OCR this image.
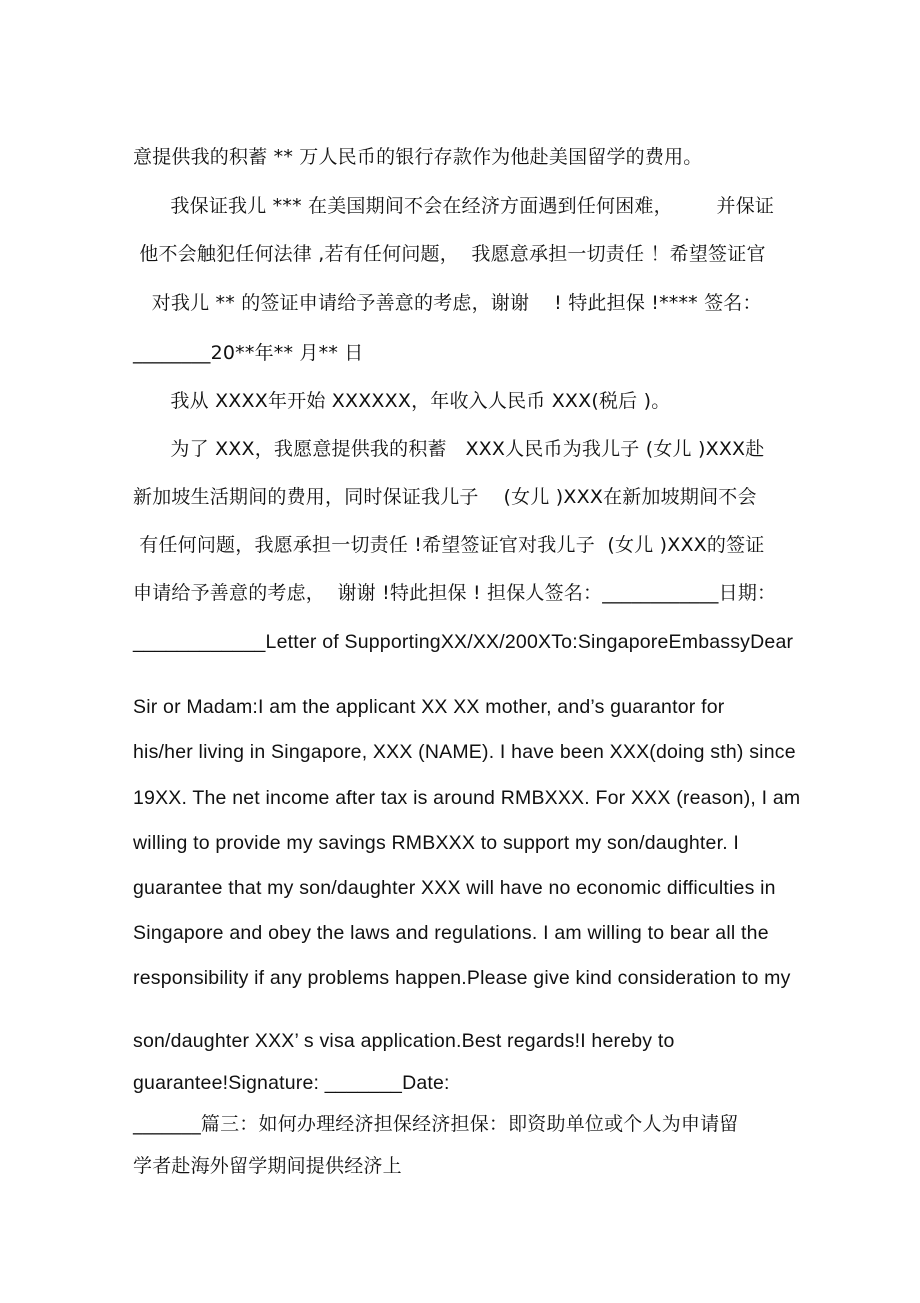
意提供我的积蓄 ** 万人民币的银行存款作为他赴美国留学的费用。
我保证我儿 *** 在美国期间不会在经济方面遇到任何困难，       并保证
他不会触犯任何法律 ,若有任何问题，  我愿意承担一切责任 ！希望签证官
对我儿 ** 的签证申请给予善意的考虑，谢谢    ! 特此担保 !**** 签名：
________20**年** 月** 日
我从 XXXX年开始 XXXXXX，年收入人民币 XXX(税后 )。
为了 XXX，我愿意提供我的积蓄   XXX人民币为我儿子 (女儿 )XXX赴
新加坡生活期间的费用，同时保证我儿子    (女儿 )XXX在新加坡期间不会
有任何问题，我愿承担一切责任 !希望签证官对我儿子  (女儿 )XXX的签证
申请给予善意的考虑，  谢谢 !特此担保 ! 担保人签名：____________日期：
____________Letter of SupportingXX/XX/200XTo:SingaporeEmbassyDear
Sir or Madam:I am the applicant XX XX mother, and’s guarantor for
his/her living in Singapore, XXX (NAME). I have been XXX(doing sth) since
19XX. The net income after tax is around RMBXXX. For XXX (reason), I am
willing to provide my savings RMBXXX to support my son/daughter. I
guarantee that my son/daughter XXX will have no economic difficulties in
Singapore and obey the laws and regulations. I am willing to bear all the
responsibility if any problems happen.Please give kind consideration to my
son/daughter XXX’ s visa application.Best regards!I hereby to
guarantee!Signature: _______Date:
_______篇三：如何办理经济担保经济担保：即资助单位或个人为申请留
学者赴海外留学期间提供经济上
